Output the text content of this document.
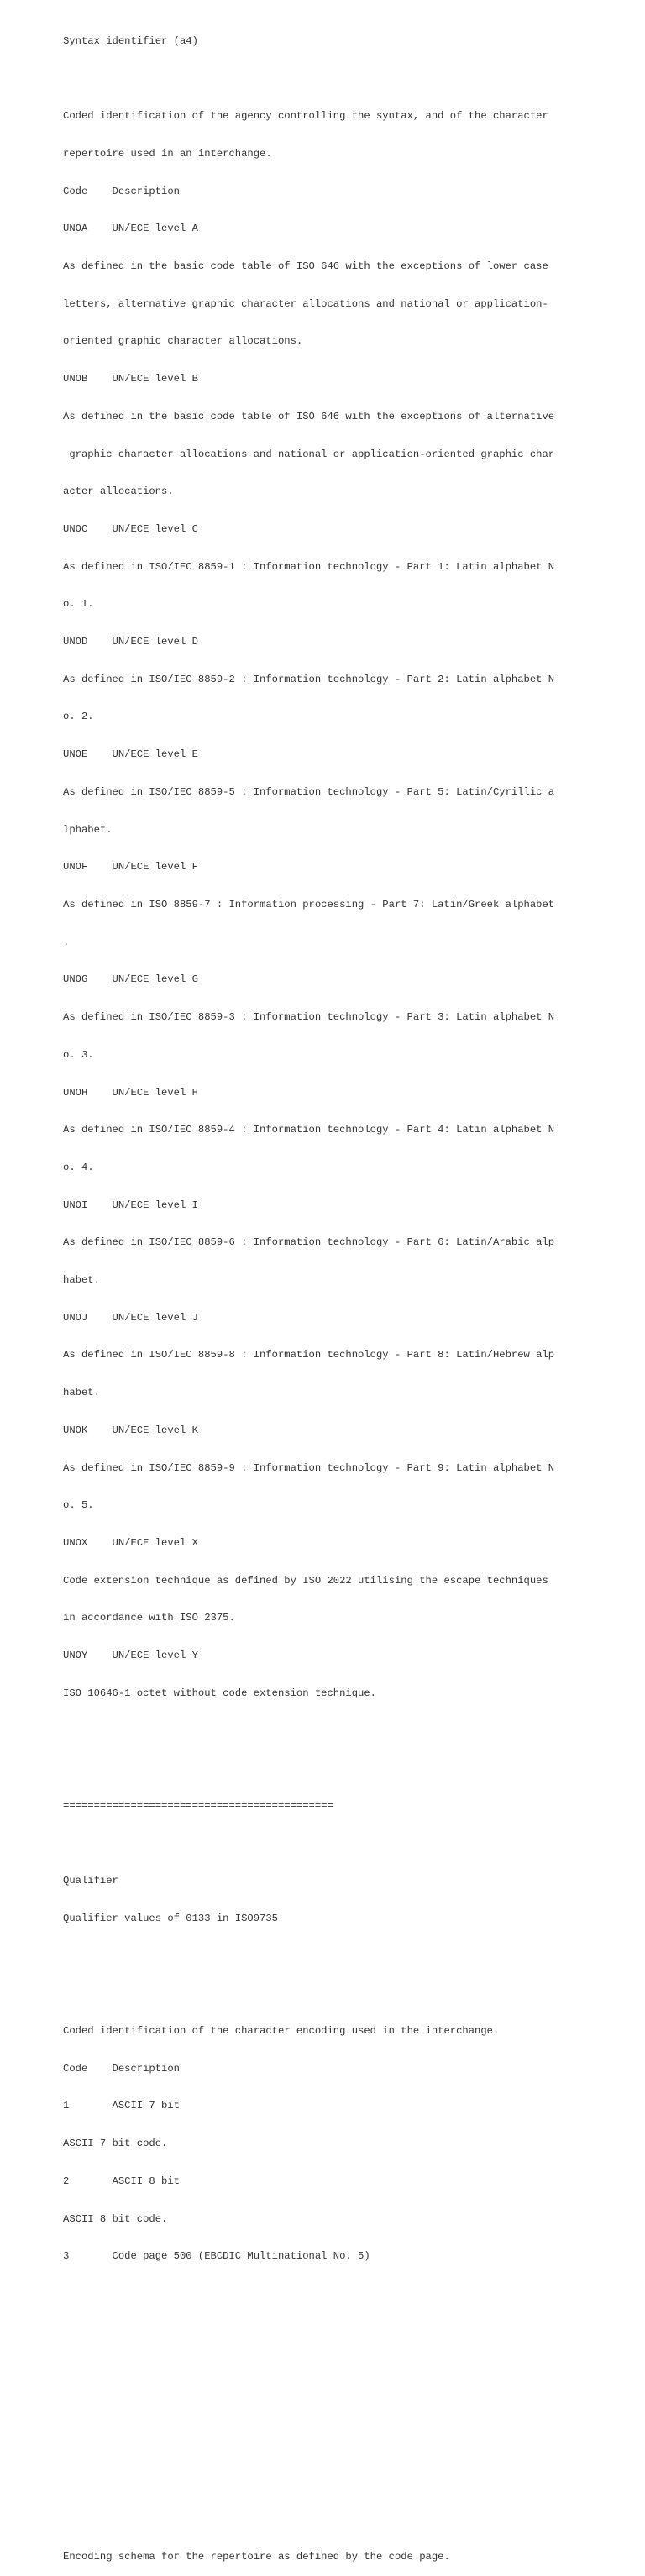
Syntax identifier (a4)

Coded identification of the agency controlling the syntax, and of the character

repertoire used in an interchange.

Code    Description

UNOA    UN/ECE level A

As defined in the basic code table of ISO 646 with the exceptions of lower case

letters, alternative graphic character allocations and national or application-

oriented graphic character allocations.

UNOB    UN/ECE level B

As defined in the basic code table of ISO 646 with the exceptions of alternative

graphic character allocations and national or application-oriented graphic char

acter allocations.

UNOC    UN/ECE level C

As defined in ISO/IEC 8859-1 : Information technology - Part 1: Latin alphabet N

o. 1.

UNOD    UN/ECE level D

As defined in ISO/IEC 8859-2 : Information technology - Part 2: Latin alphabet N

o. 2.

UNOE    UN/ECE level E

As defined in ISO/IEC 8859-5 : Information technology - Part 5: Latin/Cyrillic a

lphabet.

UNOF    UN/ECE level F

As defined in ISO 8859-7 : Information processing - Part 7: Latin/Greek alphabet

.

UNOG    UN/ECE level G

As defined in ISO/IEC 8859-3 : Information technology - Part 3: Latin alphabet N

o. 3.

UNOH    UN/ECE level H

As defined in ISO/IEC 8859-4 : Information technology - Part 4: Latin alphabet N

o. 4.

UNOI    UN/ECE level I

As defined in ISO/IEC 8859-6 : Information technology - Part 6: Latin/Arabic alp

habet.

UNOJ    UN/ECE level J

As defined in ISO/IEC 8859-8 : Information technology - Part 8: Latin/Hebrew alp

habet.

UNOK    UN/ECE level K

As defined in ISO/IEC 8859-9 : Information technology - Part 9: Latin alphabet N

o. 5.

UNOX    UN/ECE level X

Code extension technique as defined by ISO 2022 utilising the escape techniques

in accordance with ISO 2375.

UNOY    UN/ECE level Y

ISO 10646-1 octet without code extension technique.

============================================

Qualifier

Qualifier values of 0133 in ISO9735

Coded identification of the character encoding used in the interchange.

Code    Description

1       ASCII 7 bit

ASCII 7 bit code.

2       ASCII 8 bit

ASCII 8 bit code.

3       Code page 500 (EBCDIC Multinational No. 5)

Encoding schema for the repertoire as defined by the code page.
